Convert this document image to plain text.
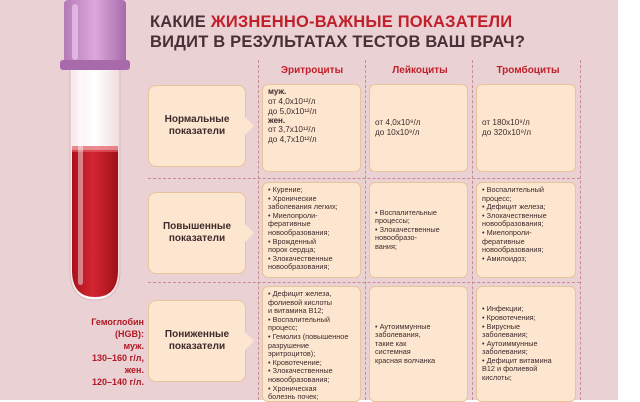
Гемоглобин
(HGB):
муж.
130–160 г/л,
жен.
120–140 г/л.
КАКИЕ ЖИЗНЕННО-ВАЖНЫЕ ПОКАЗАТЕЛИ
ВИДИТ В РЕЗУЛЬТАТАХ ТЕСТОВ ВАШ ВРАЧ?
Эритроциты	Лейкоциты	Тромбоциты
Нормальные показатели
Повышенные показатели
Пониженные показатели
муж.
от 4,0x10¹²/л
до 5,0x10¹²/л
жен.
от 3,7x10¹²/л
до 4,7x10¹²/л
от 4,0x10⁹/л
до 10x10⁹/л
от 180x10⁹/л
до 320x10⁹/л
• Курение;
• Хронические
заболевания легких;
• Миелопроли-
феративные
новообразования;
• Врожденный
порок сердца;
• Злокачественные
новообразования;
• Воспалительные
процессы;
• Злокачественные
новообразо-
вания;
• Воспалительный
процесс;
• Дефицит железа;
• Злокачественные
новообразования;
• Миелопроли-
феративные
новообразования;
• Амилоидоз;
• Дефицит железа,
фолиевой кислоты
и витамина B12;
• Воспалительный
процесс;
• Гемолиз (повышенное
разрушение
эритроцитов);
• Кровотечение;
• Злокачественные
новообразования;
• Хроническая
болезнь почек;
• Аутоиммунные
заболевания,
такие как
системная
красная волчанка
• Инфекции;
• Кровотечения;
• Вирусные
заболевания;
• Аутоиммунные
заболевания;
• Дефицит витамина
B12 и фолиевой
кислоты;
